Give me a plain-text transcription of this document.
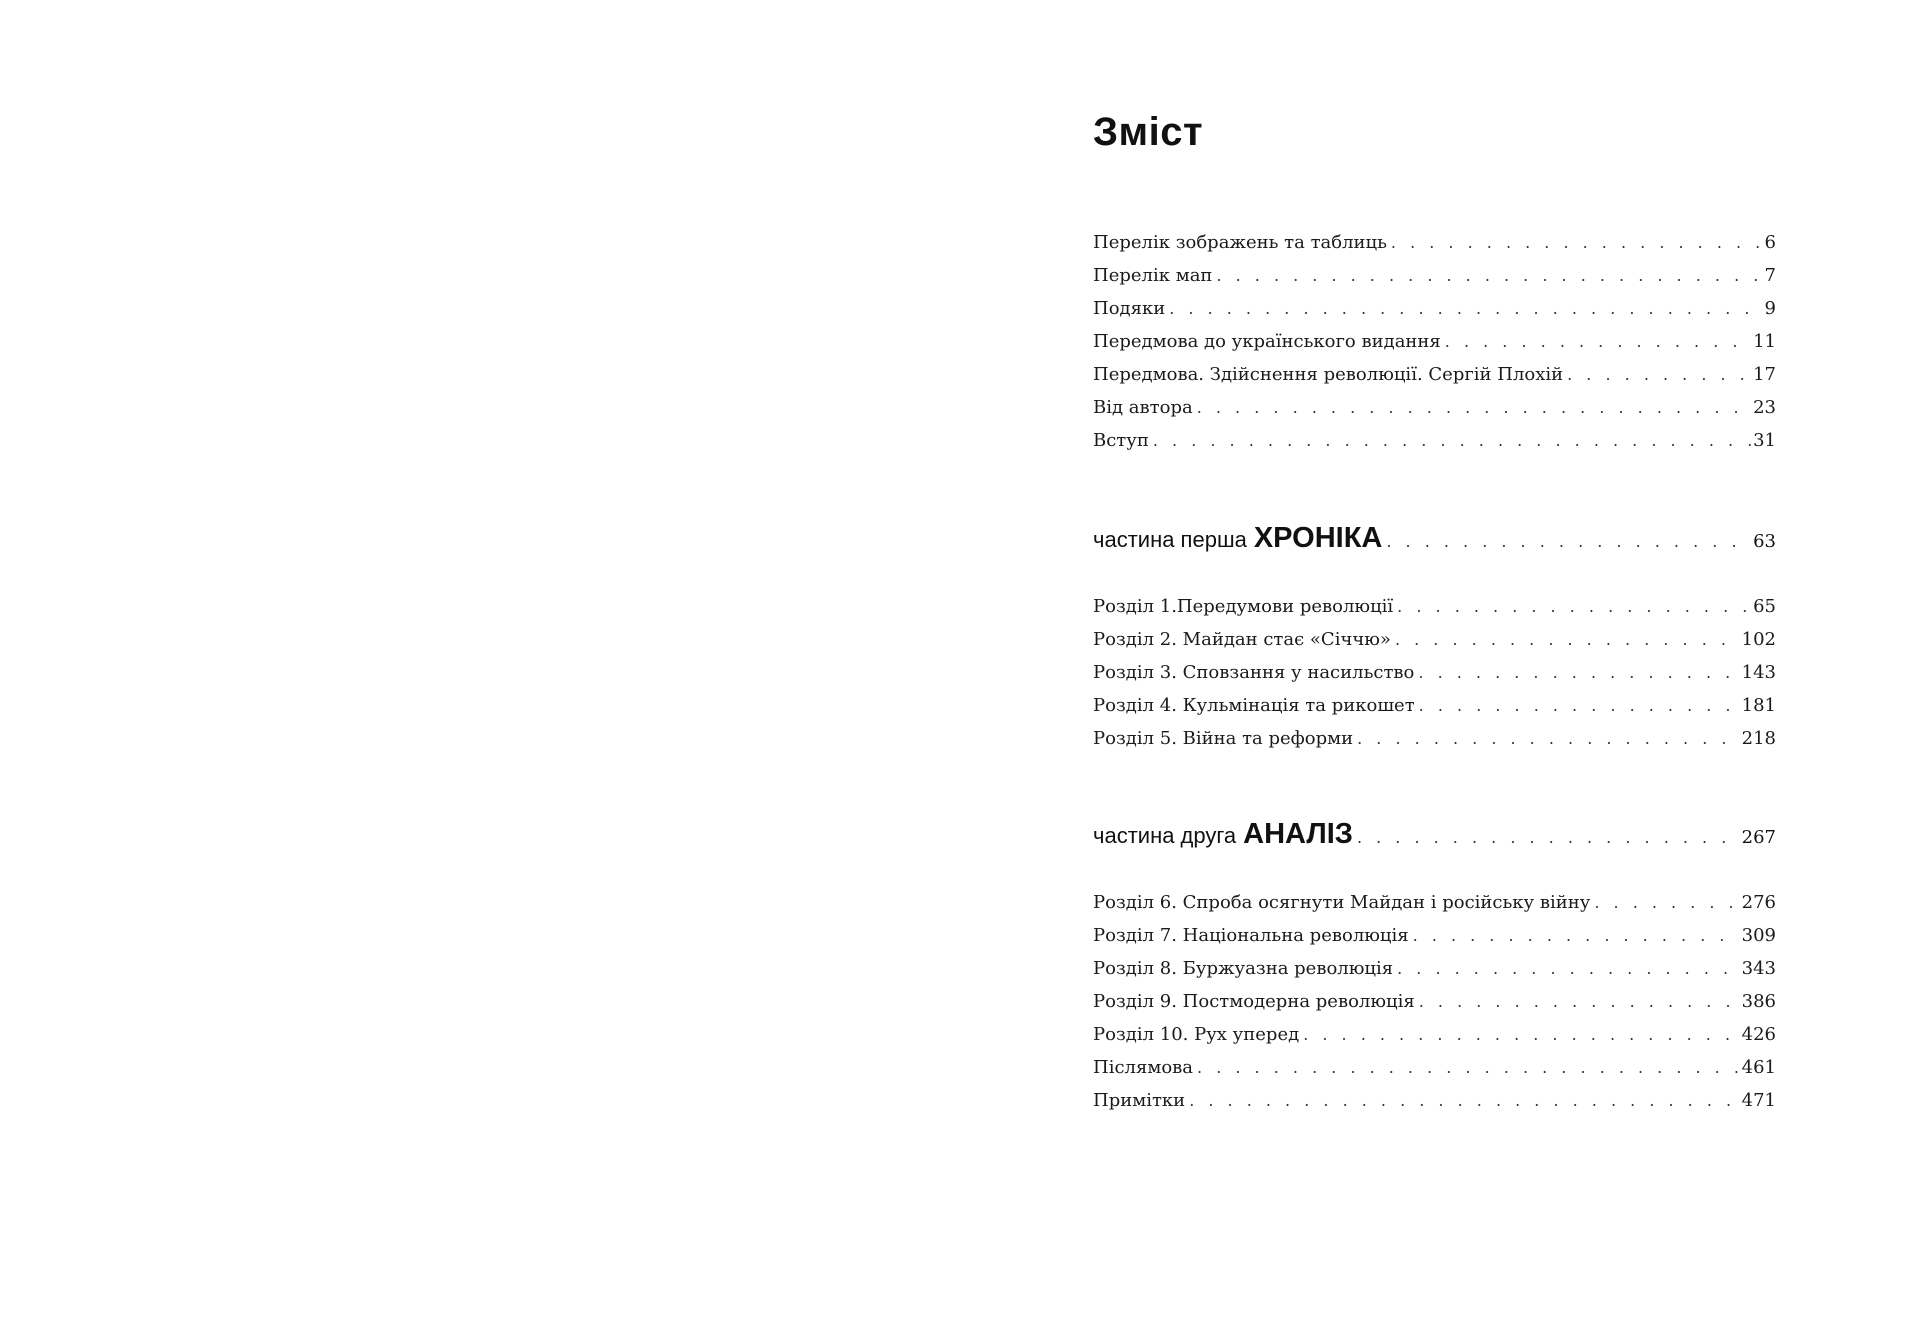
Зміст
Перелік зображень та таблиць . . .	6
Перелік мап . . .	7
Подяки . . .	9
Передмова до українського видання . . .	11
Передмова. Здійснення революції. Сергій Плохій . . .	17
Від автора . . .	23
Вступ . . .	31
частина перша ХРОНІКА . . .	63
Розділ 1.Передумови революції . . .	65
Розділ 2. Майдан стає «Січчю» . . .	102
Розділ 3. Сповзання у насильство . . .	143
Розділ 4. Кульмінація та рикошет . . .	181
Розділ 5. Війна та реформи . . .	218
частина друга АНАЛІЗ . . .	267
Розділ 6. Спроба осягнути Майдан і російську війну . . .	276
Розділ 7. Національна революція . . .	309
Розділ 8. Буржуазна революція . . .	343
Розділ 9. Постмодерна революція . . .	386
Розділ 10. Рух уперед . . .	426
Післямова . . .	461
Примітки . . .	471
